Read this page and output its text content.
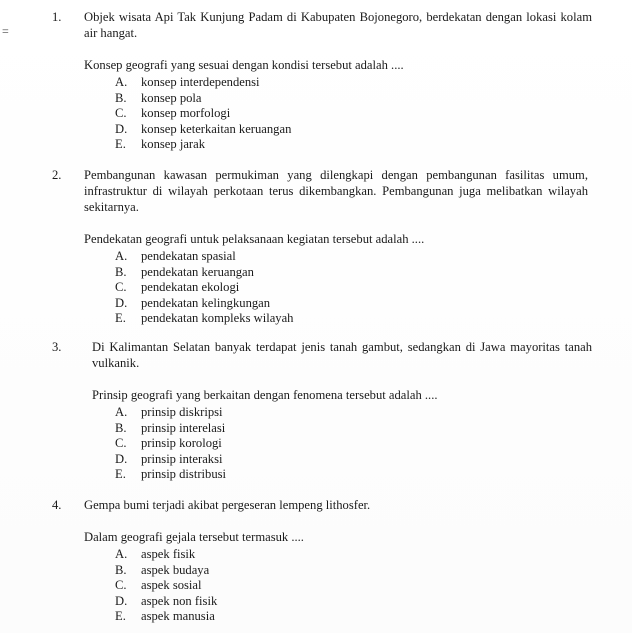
=
1.	Objek wisata Api Tak Kunjung Padam di Kabupaten Bojonegoro, berdekatan dengan lokasi kolam air hangat.
Konsep geografi yang sesuai dengan kondisi tersebut adalah ....
A.	konsep interdependensi
B.	konsep pola
C.	konsep morfologi
D.	konsep keterkaitan keruangan
E.	konsep jarak
2.	Pembangunan kawasan permukiman yang dilengkapi dengan pembangunan fasilitas umum, infrastruktur di wilayah perkotaan terus dikembangkan. Pembangunan juga melibatkan wilayah sekitarnya.
Pendekatan geografi untuk pelaksanaan kegiatan tersebut adalah ....
A.	pendekatan spasial
B.	pendekatan keruangan
C.	pendekatan ekologi
D.	pendekatan kelingkungan
E.	pendekatan kompleks wilayah
3.	Di Kalimantan Selatan banyak terdapat jenis tanah gambut, sedangkan di Jawa mayoritas tanah vulkanik.
Prinsip geografi yang berkaitan dengan fenomena tersebut adalah ....
A.	prinsip diskripsi
B.	prinsip interelasi
C.	prinsip korologi
D.	prinsip interaksi
E.	prinsip distribusi
4.	Gempa bumi terjadi akibat pergeseran lempeng lithosfer.
Dalam geografi gejala tersebut termasuk ....
A.	aspek fisik
B.	aspek budaya
C.	aspek sosial
D.	aspek non fisik
E.	aspek manusia
